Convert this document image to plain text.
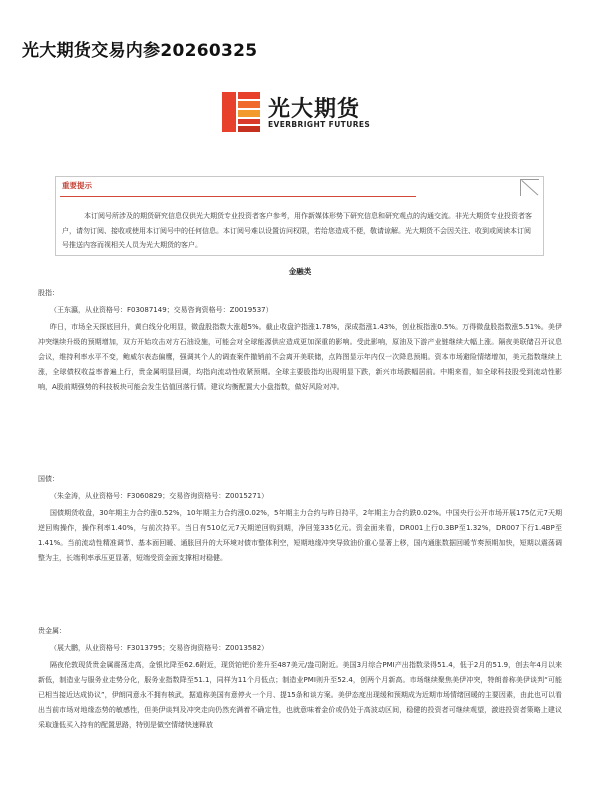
光大期货交易内参20260325
光大期货
EVERBRIGHT FUTURES
重要提示
本订阅号所涉及的期货研究信息仅供光大期货专业投资者客户参考，用作新媒体形势下研究信息和研究观点的沟通交流。非光大期货专业投资者客户，请勿订阅、接收或使用本订阅号中的任何信息。本订阅号难以设置访问权限，若给您造成不便，敬请谅解。光大期货不会因关注、收到或阅读本订阅号推送内容而视相关人员为光大期货的客户。
金融类
股指：
（王东瀛，从业资格号：F03087149；交易咨询资格号：Z0019537）
昨日，市场全天探底回升，黄白线分化明显，微盘股指数大涨超5%。截止收盘沪指涨1.78%，深成指涨1.43%，创业板指涨0.5%。万得微盘股指数涨5.51%。美伊冲突继续升级的预期增加，双方开始攻击对方石油设施，可能会对全球能源供应造成更加深重的影响。受此影响，原油及下游产业链继续大幅上涨。隔夜美联储召开议息会议，维持利率水平不变，鲍威尔表态偏鹰，强调其个人的调查案件撤销前不会离开美联储，点阵图显示年内仅一次降息预期。资本市场避险情绪增加，美元指数继续上涨，全球债权收益率普遍上行，贵金属明显回调，均指向流动性收紧预期。全球主要股指均出现明显下跌，新兴市场跌幅居前。中期来看，如全球科技股受到流动性影响，A股前期强势的科技板块可能会发生估值回落行情。建议均衡配置大小盘指数，做好风险对冲。
国债：
（朱金涛，从业资格号：F3060829；交易咨询资格号：Z0015271）
国债期货收盘，30年期主力合约涨0.52%，10年期主力合约涨0.02%，5年期主力合约与昨日持平，2年期主力合约跌0.02%。中国央行公开市场开展175亿元7天期逆回购操作，操作利率1.40%，与前次持平。当日有510亿元7天期逆回购到期，净回笼335亿元。资金面来看，DR001上行0.3BP至1.32%，DR007下行1.4BP至1.41%。当前流动性精准调节、基本面回暖、通胀回升的大环境对债市整体利空，短期地缘冲突导致油价重心显著上移，国内通胀数据回暖节奏预期加快，短期以震荡调整为主，长端利率承压更显著，短端受资金面支撑相对稳健。
贵金属：
（展大鹏，从业资格号：F3013795；交易咨询资格号：Z0013582）
隔夜伦敦现货贵金属震荡走高，金银比降至62.6附近，现货铂钯价差升至487美元/盎司附近。美国3月综合PMI产出指数录得51.4，低于2月的51.9，创去年4月以来新低，制造业与服务业走势分化，服务业指数降至51.1，同样为11个月低点；制造业PMI则升至52.4，创两个月新高。市场继续聚焦美伊冲突，特朗普称美伊谈判“可能已相当接近达成协议”，伊朗同意永不拥有核武，据道称美国有意停火一个月、提15条和谈方案。美伊态度出现缓和预期成为近期市场情绪回暖的主要因素，由此也可以看出当前市场对地缘态势的敏感性，但美伊谈判及冲突走向仍然充满着不确定性，也就意味着金价或仍处于高波动区间，稳健的投资者可继续观望，激进投资者策略上建议采取逢低买入持有的配置思路，特别是做空情绪快速释放
